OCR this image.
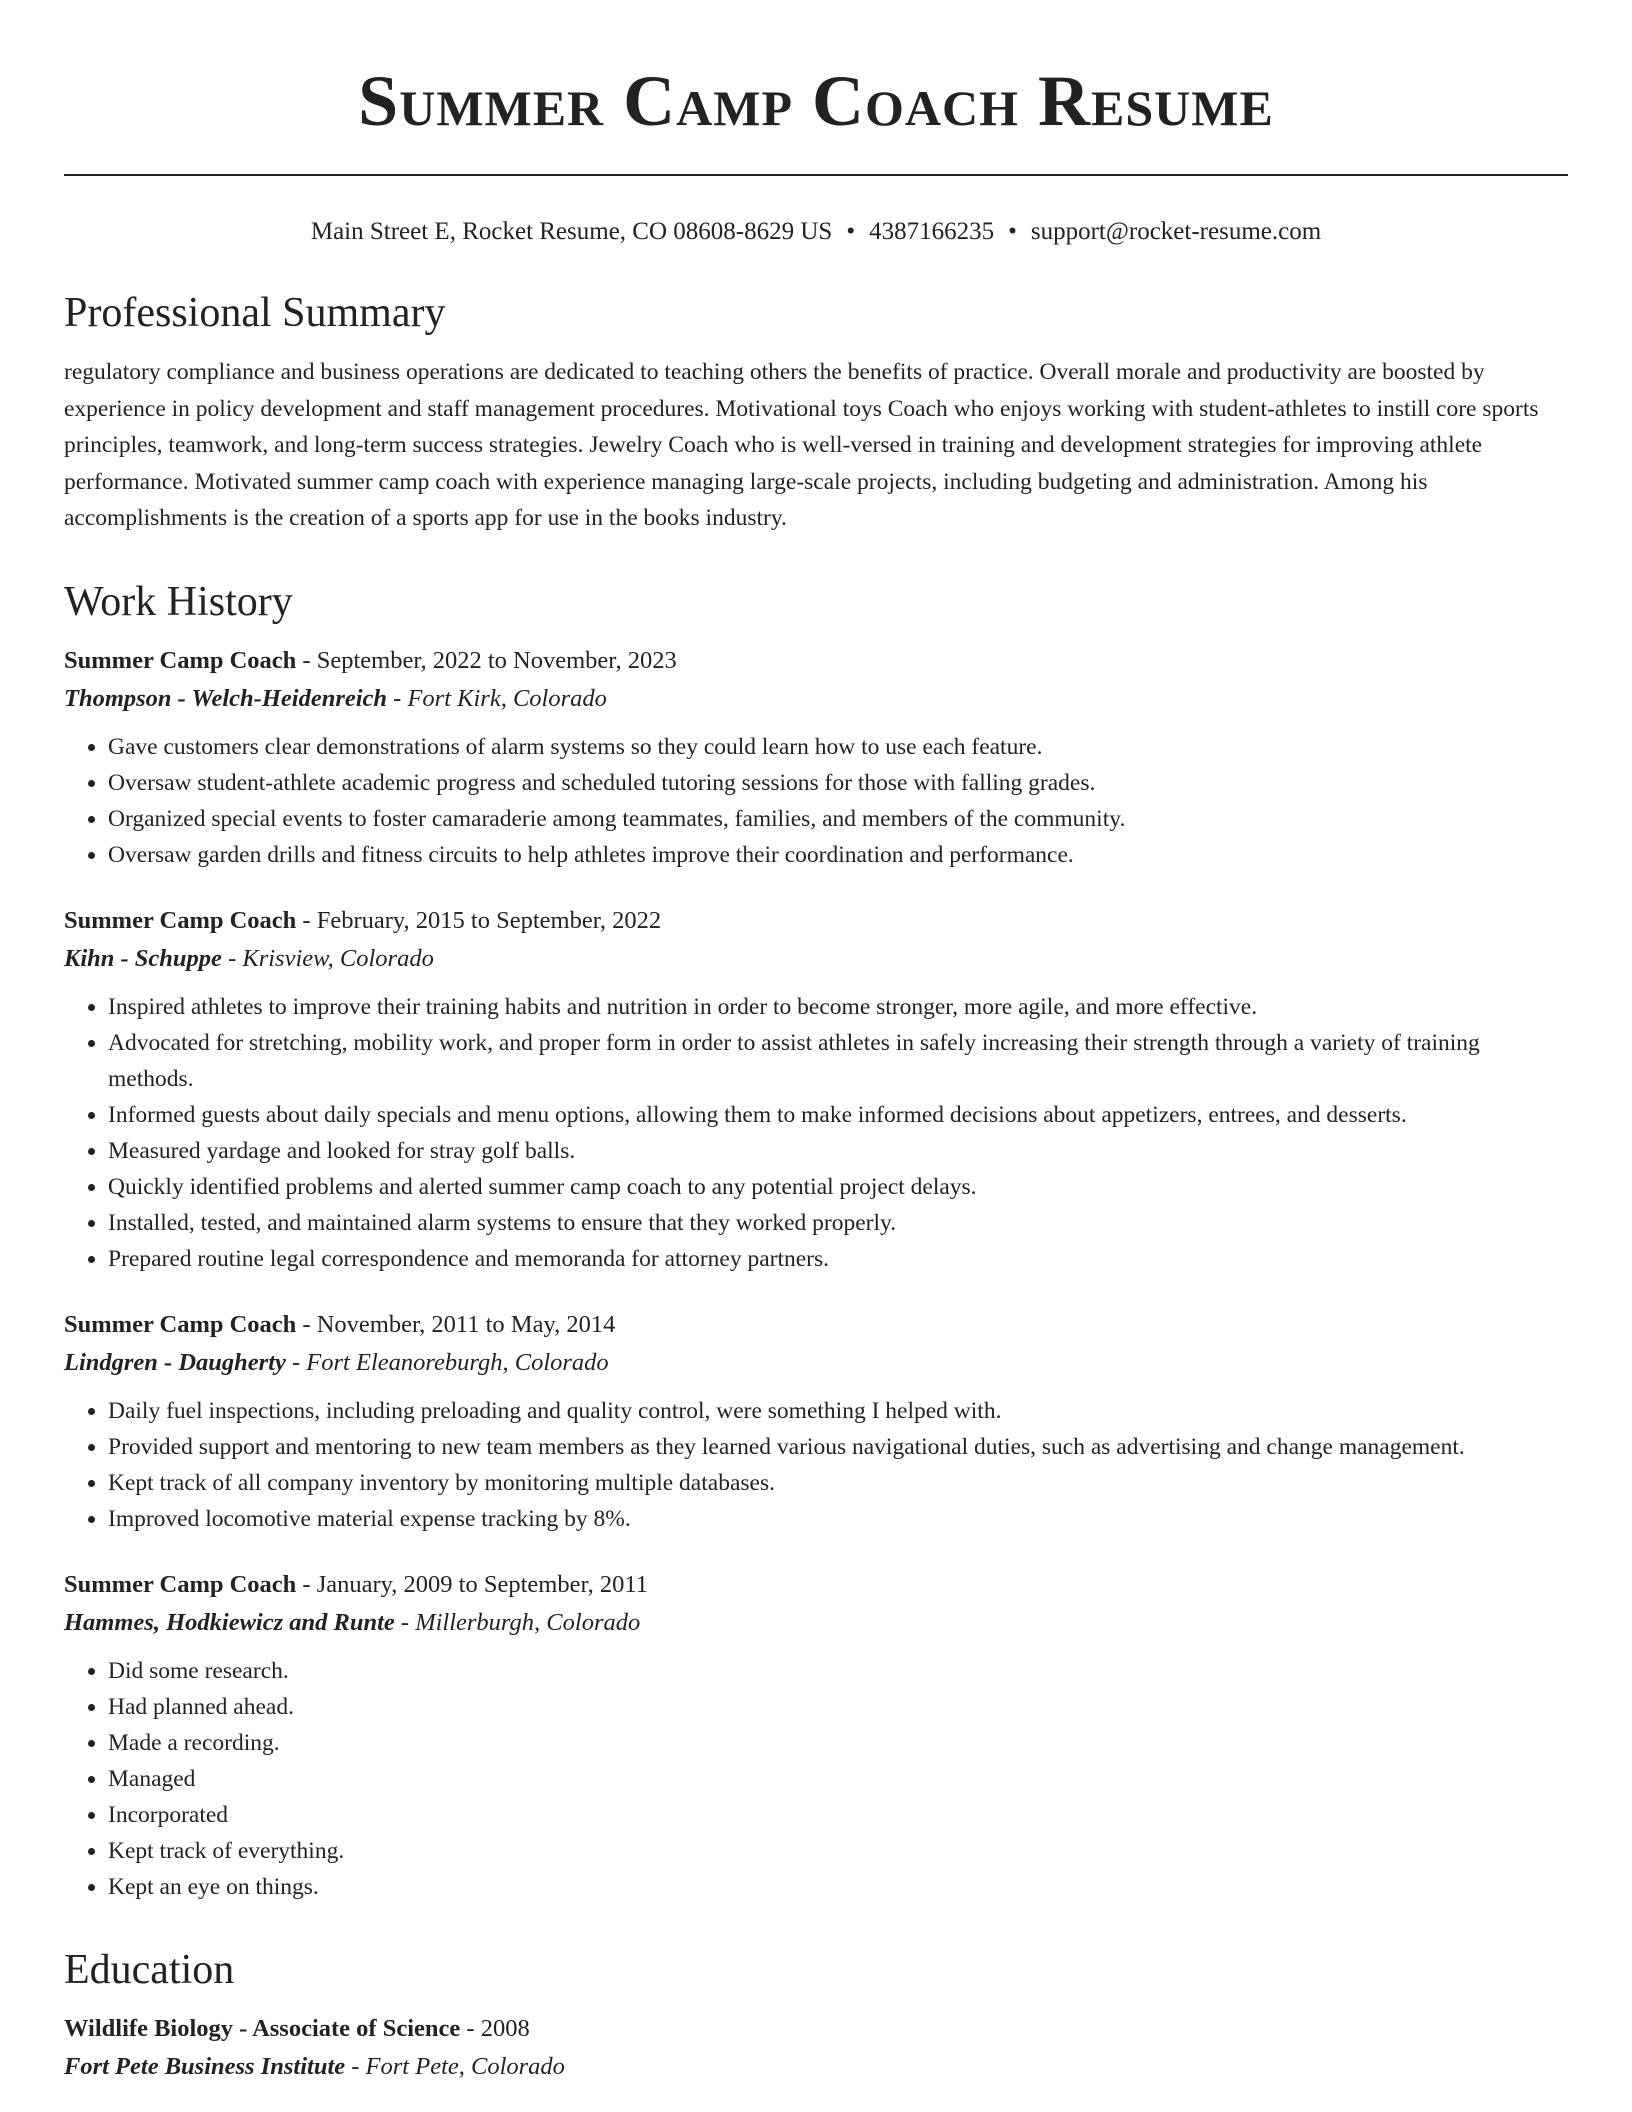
Summer Camp Coach Resume
Main Street E, Rocket Resume, CO 08608-8629 US • 4387166235 • support@rocket-resume.com
Professional Summary

regulatory compliance and business operations are dedicated to teaching others the benefits of practice. Overall morale and productivity are boosted by experience in policy development and staff management procedures. Motivational toys Coach who enjoys working with student-athletes to instill core sports principles, teamwork, and long-term success strategies. Jewelry Coach who is well-versed in training and development strategies for improving athlete performance. Motivated summer camp coach with experience managing large-scale projects, including budgeting and administration. Among his accomplishments is the creation of a sports app for use in the books industry.

Work History
Summer Camp Coach - September, 2022 to November, 2023
Thompson - Welch-Heidenreich - Fort Kirk, Colorado
• Gave customers clear demonstrations of alarm systems so they could learn how to use each feature.
• Oversaw student-athlete academic progress and scheduled tutoring sessions for those with falling grades.
• Organized special events to foster camaraderie among teammates, families, and members of the community.
• Oversaw garden drills and fitness circuits to help athletes improve their coordination and performance.
Summer Camp Coach - February, 2015 to September, 2022
Kihn - Schuppe - Krisview, Colorado
• Inspired athletes to improve their training habits and nutrition in order to become stronger, more agile, and more effective.
• Advocated for stretching, mobility work, and proper form in order to assist athletes in safely increasing their strength through a variety of training methods.
• Informed guests about daily specials and menu options, allowing them to make informed decisions about appetizers, entrees, and desserts.
• Measured yardage and looked for stray golf balls.
• Quickly identified problems and alerted summer camp coach to any potential project delays.
• Installed, tested, and maintained alarm systems to ensure that they worked properly.
• Prepared routine legal correspondence and memoranda for attorney partners.
Summer Camp Coach - November, 2011 to May, 2014
Lindgren - Daugherty - Fort Eleanoreburgh, Colorado
• Daily fuel inspections, including preloading and quality control, were something I helped with.
• Provided support and mentoring to new team members as they learned various navigational duties, such as advertising and change management.
• Kept track of all company inventory by monitoring multiple databases.
• Improved locomotive material expense tracking by 8%.
Summer Camp Coach - January, 2009 to September, 2011
Hammes, Hodkiewicz and Runte - Millerburgh, Colorado
• Did some research.
• Had planned ahead.
• Made a recording.
• Managed
• Incorporated
• Kept track of everything.
• Kept an eye on things.
Education
Wildlife Biology - Associate of Science - 2008
Fort Pete Business Institute - Fort Pete, Colorado
